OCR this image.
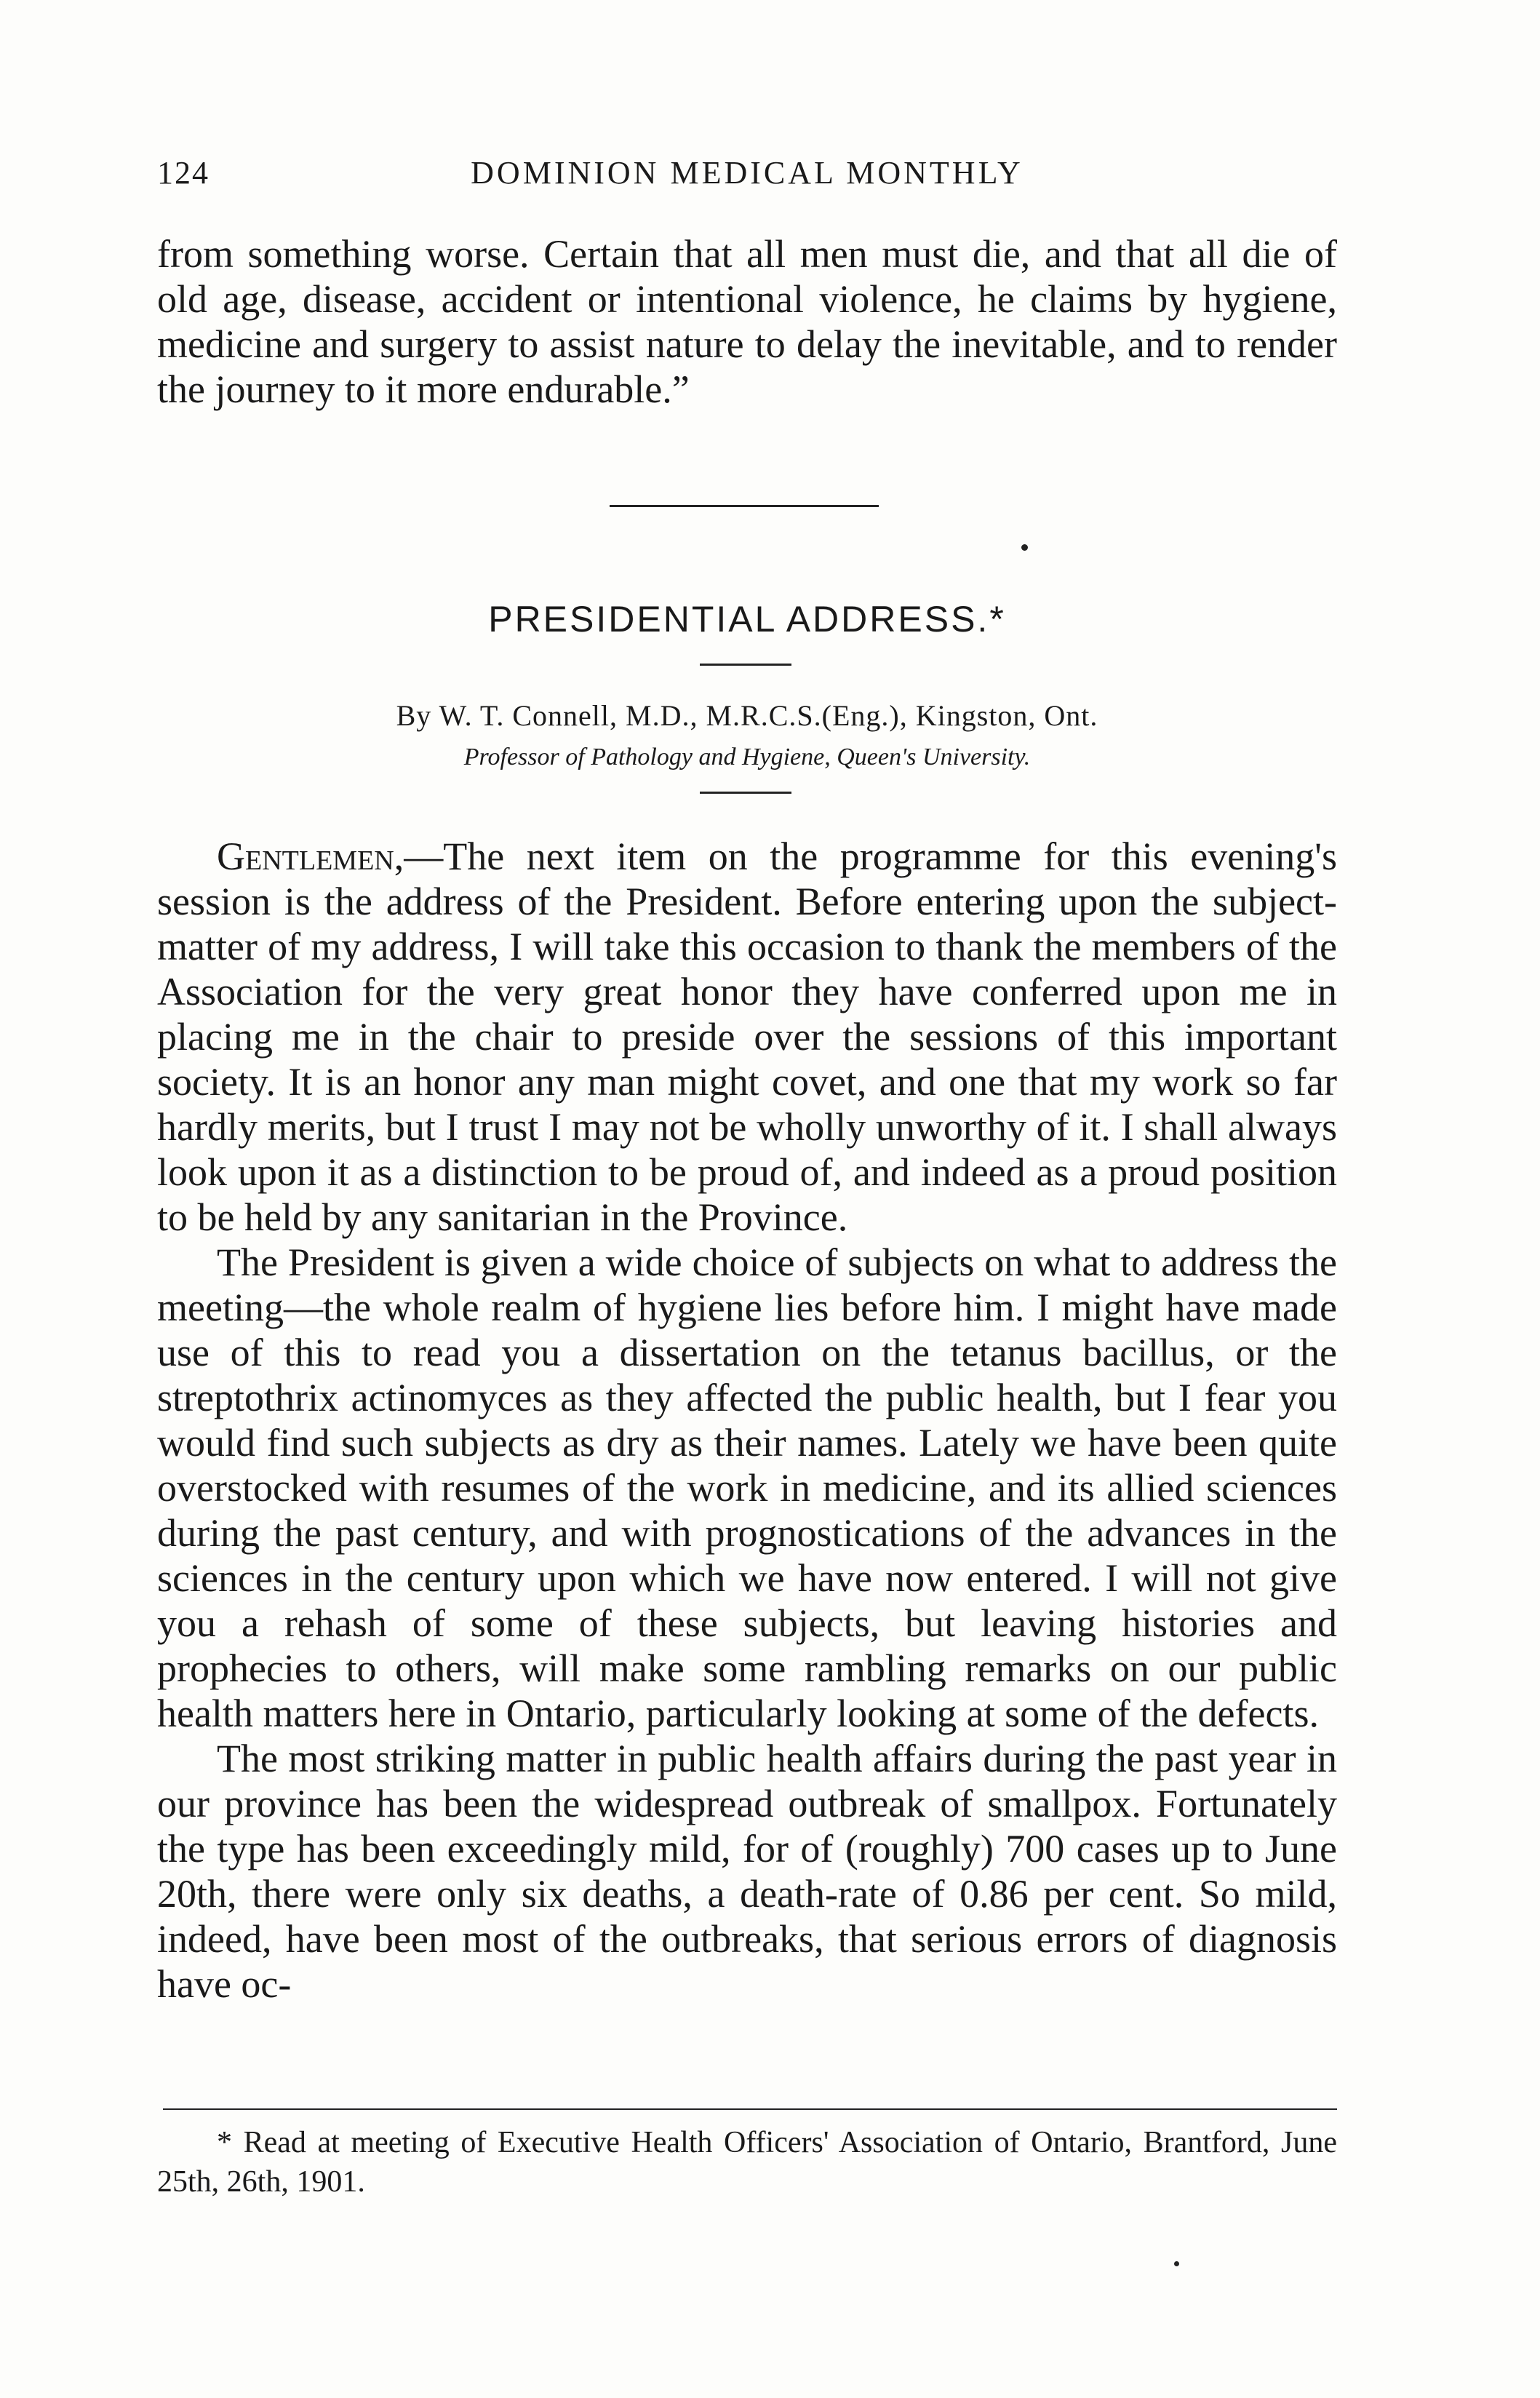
124	DOMINION MEDICAL MONTHLY

from something worse. Certain that all men must die, and that all die of old age, disease, accident or intentional violence, he claims by hygiene, medicine and surgery to assist nature to delay the inevitable, and to render the journey to it more endurable.”

PRESIDENTIAL ADDRESS.*
By W. T. Connell, M.D., M.R.C.S.(Eng.), Kingston, Ont.
Professor of Pathology and Hygiene, Queen's University.

Gentlemen,—The next item on the programme for this evening's session is the address of the President. Before entering upon the subject-matter of my address, I will take this occasion to thank the members of the Association for the very great honor they have conferred upon me in placing me in the chair to preside over the sessions of this important society. It is an honor any man might covet, and one that my work so far hardly merits, but I trust I may not be wholly unworthy of it. I shall always look upon it as a distinction to be proud of, and indeed as a proud position to be held by any sanitarian in the Province.

The President is given a wide choice of subjects on what to address the meeting—the whole realm of hygiene lies before him. I might have made use of this to read you a dissertation on the tetanus bacillus, or the streptothrix actinomyces as they affected the public health, but I fear you would find such subjects as dry as their names. Lately we have been quite overstocked with resumes of the work in medicine, and its allied sciences during the past century, and with prognostications of the advances in the sciences in the century upon which we have now entered. I will not give you a rehash of some of these subjects, but leaving histories and prophecies to others, will make some rambling remarks on our public health matters here in Ontario, particularly looking at some of the defects.

The most striking matter in public health affairs during the past year in our province has been the widespread outbreak of smallpox. Fortunately the type has been exceedingly mild, for of (roughly) 700 cases up to June 20th, there were only six deaths, a death-rate of 0.86 per cent. So mild, indeed, have been most of the outbreaks, that serious errors of diagnosis have oc-

* Read at meeting of Executive Health Officers' Association of Ontario, Brantford, June 25th, 26th, 1901.
